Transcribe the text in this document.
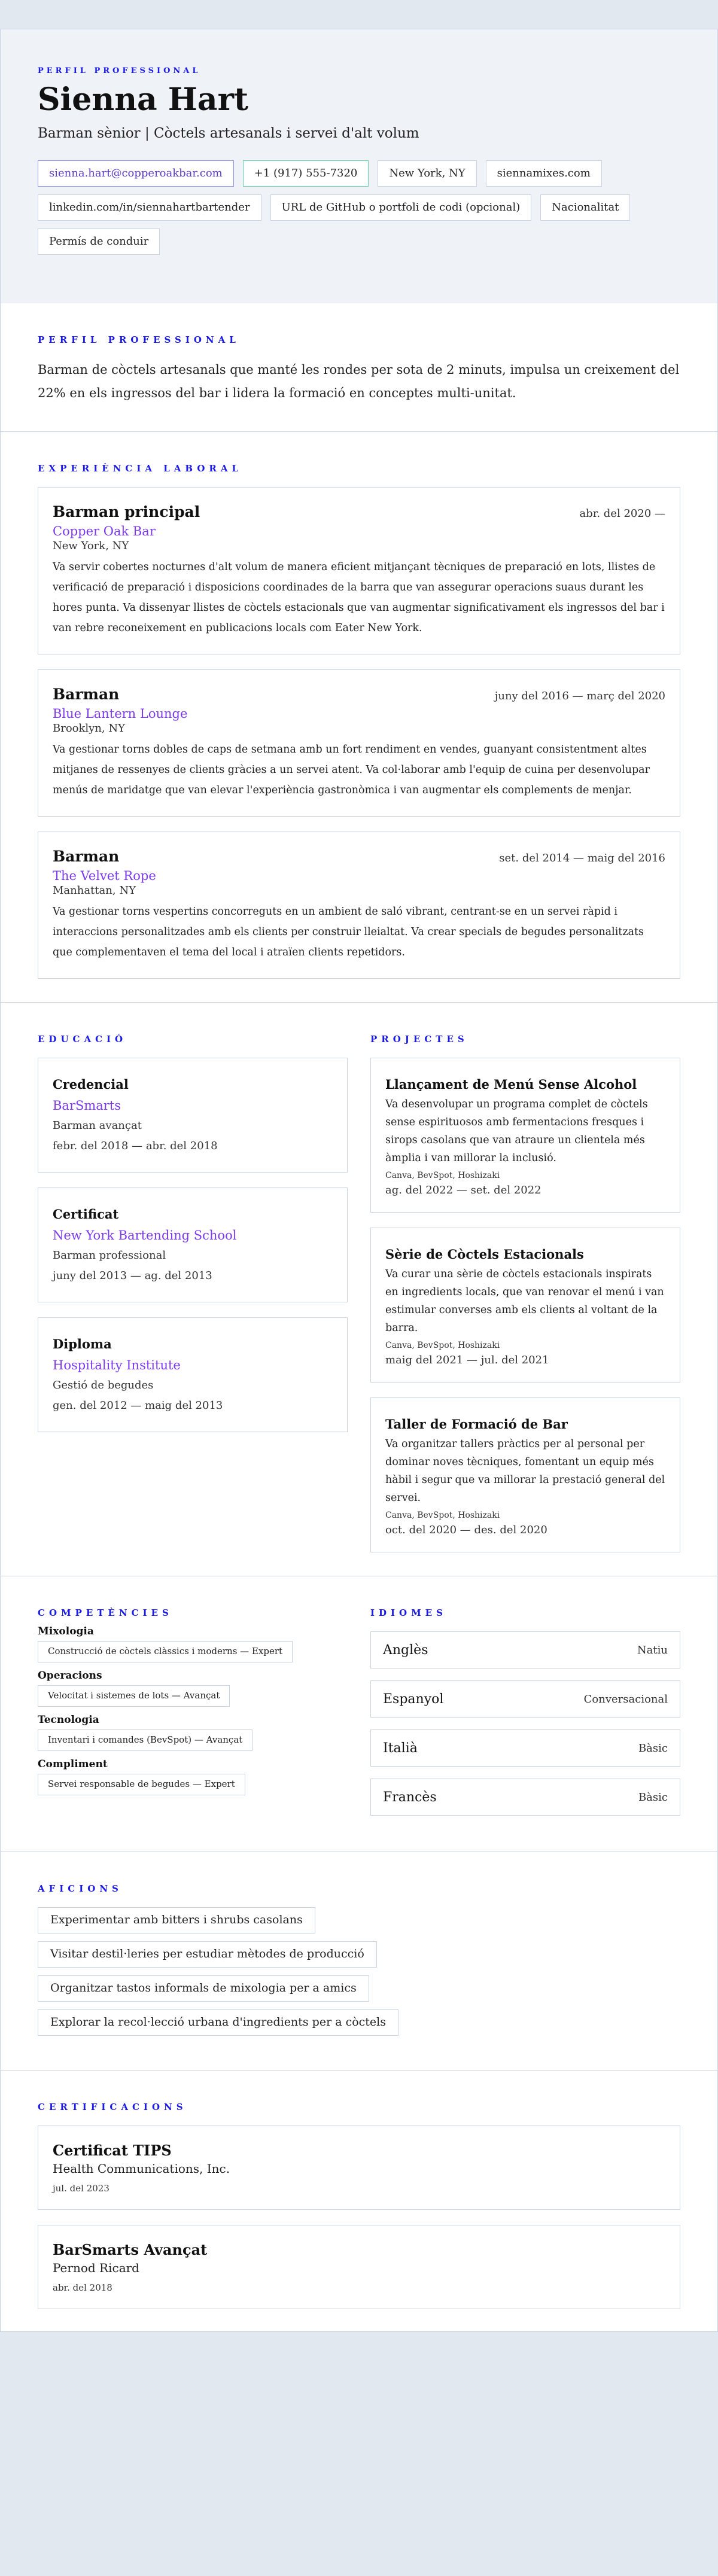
PERFIL PROFESSIONAL
Sienna Hart
Barman sènior | Còctels artesanals i servei d'alt volum
sienna.hart@copperoakbar.com	+1 (917) 555-7320	New York, NY	siennamixes.com
linkedin.com/in/siennahartbartender	URL de GitHub o portfoli de codi (opcional)	Nacionalitat
Permís de conduir
PERFIL PROFESSIONAL

Barman de còctels artesanals que manté les rondes per sota de 2 minuts, impulsa un creixement del 22% en els ingressos del bar i lidera la formació en conceptes multi-unitat.

EXPERIÈNCIA LABORAL
Barman principal	abr. del 2020 —
Copper Oak Bar
New York, NY

Va servir cobertes nocturnes d'alt volum de manera eficient mitjançant tècniques de preparació en lots, llistes de verificació de preparació i disposicions coordinades de la barra que van assegurar operacions suaus durant les hores punta. Va dissenyar llistes de còctels estacionals que van augmentar significativament els ingressos del bar i van rebre reconeixement en publicacions locals com Eater New York.

Barman	juny del 2016 — març del 2020
Blue Lantern Lounge
Brooklyn, NY

Va gestionar torns dobles de caps de setmana amb un fort rendiment en vendes, guanyant consistentment altes mitjanes de ressenyes de clients gràcies a un servei atent. Va col·laborar amb l'equip de cuina per desenvolupar menús de maridatge que van elevar l'experiència gastronòmica i van augmentar els complements de menjar.

Barman	set. del 2014 — maig del 2016
The Velvet Rope
Manhattan, NY

Va gestionar torns vespertins concorreguts en un ambient de saló vibrant, centrant-se en un servei ràpid i interaccions personalitzades amb els clients per construir lleialtat. Va crear specials de begudes personalitzats que complementaven el tema del local i atraïen clients repetidors.

EDUCACIÓ
Credencial
BarSmarts
Barman avançat
febr. del 2018 — abr. del 2018
Certificat
New York Bartending School
Barman professional
juny del 2013 — ag. del 2013
Diploma
Hospitality Institute
Gestió de begudes
gen. del 2012 — maig del 2013
PROJECTES
Llançament de Menú Sense Alcohol

Va desenvolupar un programa complet de còctels sense espirituosos amb fermentacions fresques i sirops casolans que van atraure un clientela més àmplia i van millorar la inclusió.

Canva, BevSpot, Hoshizaki
ag. del 2022 — set. del 2022
Sèrie de Còctels Estacionals

Va curar una sèrie de còctels estacionals inspirats en ingredients locals, que van renovar el menú i van estimular converses amb els clients al voltant de la barra.

Canva, BevSpot, Hoshizaki
maig del 2021 — jul. del 2021
Taller de Formació de Bar

Va organitzar tallers pràctics per al personal per dominar noves tècniques, fomentant un equip més hàbil i segur que va millorar la prestació general del servei.

Canva, BevSpot, Hoshizaki
oct. del 2020 — des. del 2020
COMPETÈNCIES
Mixologia
Construcció de còctels clàssics i moderns — Expert
Operacions
Velocitat i sistemes de lots — Avançat
Tecnologia
Inventari i comandes (BevSpot) — Avançat
Compliment
Servei responsable de begudes — Expert
IDIOMES
Anglès	Natiu
Espanyol	Conversacional
Italià	Bàsic
Francès	Bàsic
AFICIONS
Experimentar amb bitters i shrubs casolans
Visitar destil·leries per estudiar mètodes de producció
Organitzar tastos informals de mixologia per a amics
Explorar la recol·lecció urbana d'ingredients per a còctels
CERTIFICACIONS
Certificat TIPS
Health Communications, Inc.
jul. del 2023
BarSmarts Avançat
Pernod Ricard
abr. del 2018
